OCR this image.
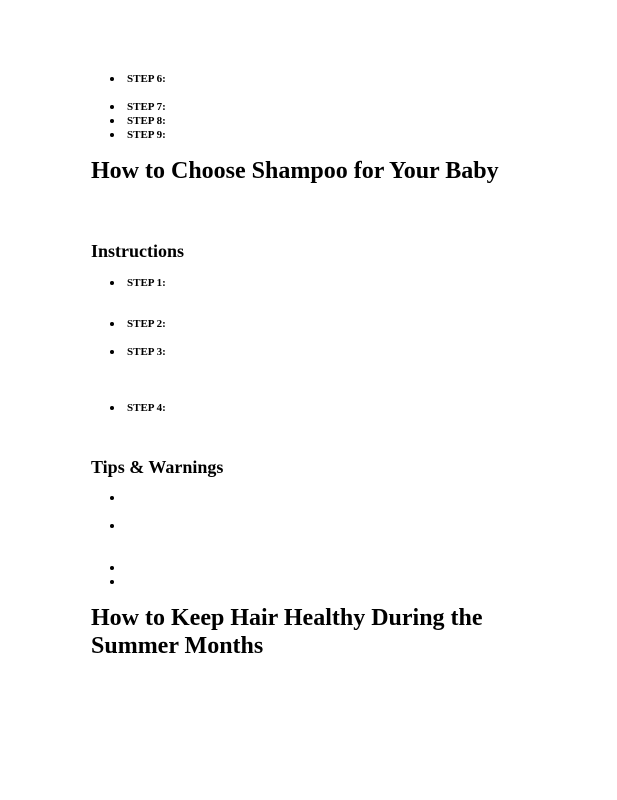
STEP 6:
STEP 7:
STEP 8:
STEP 9:
How to Choose Shampoo for Your Baby
Instructions
STEP 1:
STEP 2:
STEP 3:
STEP 4:
Tips & Warnings
How to Keep Hair Healthy During the
Summer Months
